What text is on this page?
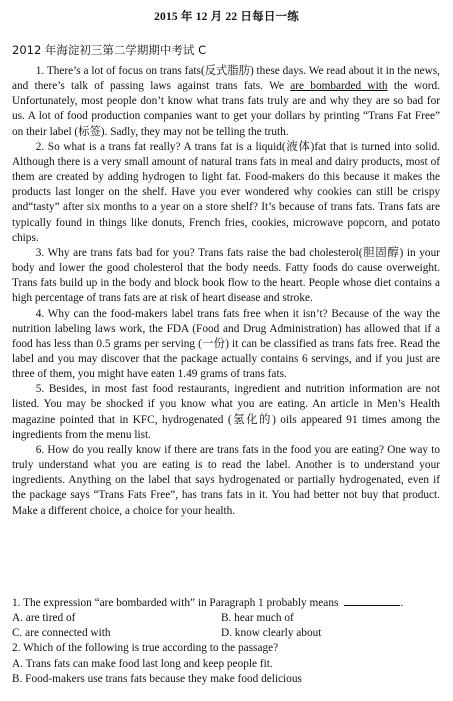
2015 年 12 月 22 日每日一练
2012 年海淀初三第二学期期中考试 C

1. There’s a lot of focus on trans fats(反式脂肪) these days. We read about it in the news, and there’s talk of passing laws against trans fats. We are bombarded with the word. Unfortunately, most people don’t know what trans fats truly are and why they are so bad for us. A lot of food production companies want to get your dollars by printing “Trans Fat Free” on their label (标签). Sadly, they may not be telling the truth.

2. So what is a trans fat really? A trans fat is a liquid(液体)fat that is turned into solid. Although there is a very small amount of natural trans fats in meal and dairy products, most of them are created by adding hydrogen to light fat. Food-makers do this because it makes the products last longer on the shelf. Have you ever wondered why cookies can still be crispy and“tasty” after six months to a year on a store shelf? It’s because of trans fats. Trans fats are typically found in things like donuts, French fries, cookies, microwave popcorn, and potato chips.

3. Why are trans fats bad for you? Trans fats raise the bad cholesterol(胆固醇) in your body and lower the good cholesterol that the body needs. Fatty foods do cause overweight. Trans fats build up in the body and block book flow to the heart. People whose diet contains a high percentage of trans fats are at risk of heart disease and stroke.

4. Why can the food-makers label trans fats free when it isn’t? Because of the way the nutrition labeling laws work, the FDA (Food and Drug Administration) has allowed that if a food has less than 0.5 grams per serving (一份) it can be classified as trans fats free. Read the label and you may discover that the package actually contains 6 servings, and if you just are three of them, you might have eaten 1.49 grams of trans fats.

5. Besides, in most fast food restaurants, ingredient and nutrition information are not listed. You may be shocked if you know what you are eating. An article in Men’s Health magazine pointed that in KFC, hydrogenated (氢化的) oils appeared 91 times among the ingredients from the menu list.

6. How do you really know if there are trans fats in the food you are eating? One way to truly understand what you are eating is to read the label. Another is to understand your ingredients. Anything on the label that says hydrogenated or partially hydrogenated, even if the package says “Trans Fats Free”, has trans fats in it. You had better not buy that product. Make a different choice, a choice for your health.

1. The expression “are bombarded with” in Paragraph 1 probably means	.

A. are tired of	B. hear much of
C. are connected with	D. know clearly about

2. Which of the following is true according to the passage?

A. Trans fats can make food last long and keep people fit.

B. Food-makers use trans fats because they make food delicious
